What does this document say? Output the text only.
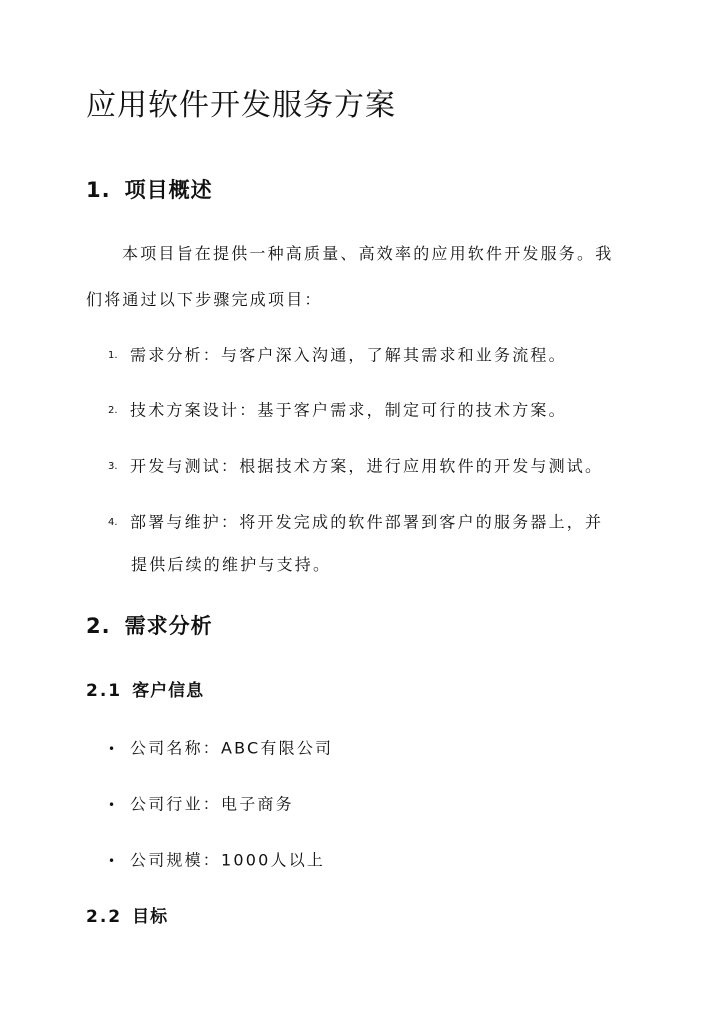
应用软件开发服务方案
1. 项目概述

本项目旨在提供一种高质量、高效率的应用软件开发服务。我

们将通过以下步骤完成项目：

1. 需求分析：与客户深入沟通，了解其需求和业务流程。
2. 技术方案设计：基于客户需求，制定可行的技术方案。
3. 开发与测试：根据技术方案，进行应用软件的开发与测试。
4. 部署与维护：将开发完成的软件部署到客户的服务器上，并

提供后续的维护与支持。

2. 需求分析
2.1 客户信息
• 公司名称：ABC有限公司
• 公司行业：电子商务
• 公司规模：1000人以上
2.2 目标
